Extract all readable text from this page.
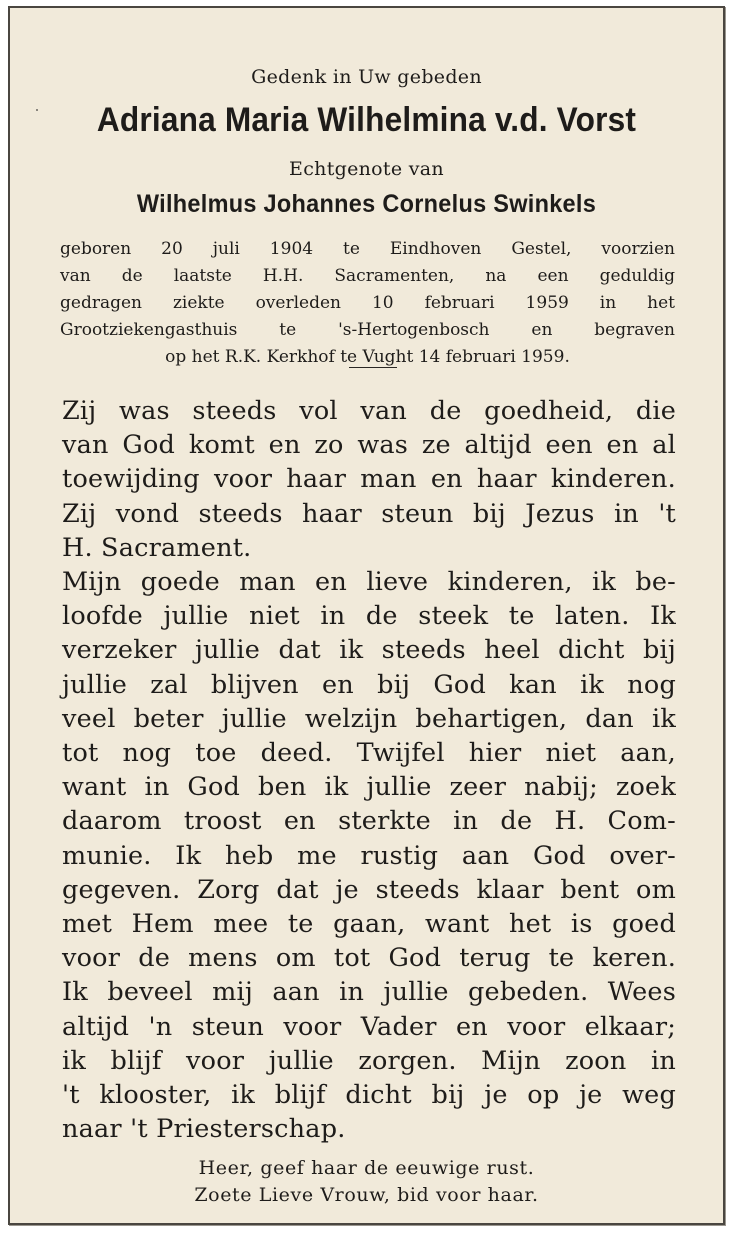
Gedenk in Uw gebeden
Adriana Maria Wilhelmina v.d. Vorst
Echtgenote van
Wilhelmus Johannes Cornelus Swinkels
geboren 20 juli 1904 te Eindhoven Gestel, voorzien
van de laatste H.H. Sacramenten, na een geduldig
gedragen ziekte overleden 10 februari 1959 in het
Grootziekengasthuis te 's-Hertogenbosch en begraven
op het R.K. Kerkhof te Vught 14 februari 1959.
Zij was steeds vol van de goedheid, die
van God komt en zo was ze altijd een en al
toewijding voor haar man en haar kinderen.
Zij vond steeds haar steun bij Jezus in 't
H. Sacrament.
Mijn goede man en lieve kinderen, ik be-
loofde jullie niet in de steek te laten. Ik
verzeker jullie dat ik steeds heel dicht bij
jullie zal blijven en bij God kan ik nog
veel beter jullie welzijn behartigen, dan ik
tot nog toe deed. Twijfel hier niet aan,
want in God ben ik jullie zeer nabij; zoek
daarom troost en sterkte in de H. Com-
munie. Ik heb me rustig aan God over-
gegeven. Zorg dat je steeds klaar bent om
met Hem mee te gaan, want het is goed
voor de mens om tot God terug te keren.
Ik beveel mij aan in jullie gebeden. Wees
altijd 'n steun voor Vader en voor elkaar;
ik blijf voor jullie zorgen. Mijn zoon in
't klooster, ik blijf dicht bij je op je weg
naar 't Priesterschap.
Heer, geef haar de eeuwige rust.
Zoete Lieve Vrouw, bid voor haar.
